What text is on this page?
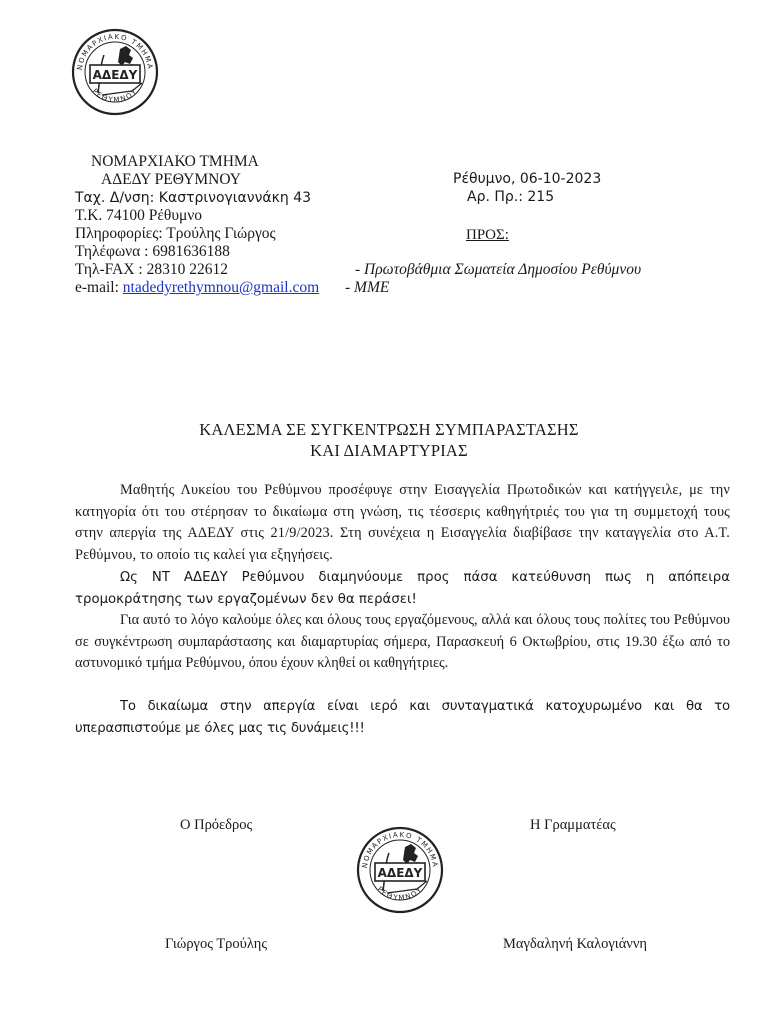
ΝΟΜΑΡΧΙΑΚΟ ΤΜΗΜΑ
ΡΕΘΥΜΝΟΥ
ΑΔΕΔΥ
ΝΟΜΑΡΧΙΑΚΟ ΤΜΗΜΑ
ΑΔΕΔΥ ΡΕΘΥΜΝΟΥ
Ταχ. Δ/νση: Καστρινογιαννάκη 43
Τ.Κ. 74100 Ρέθυμνο
Πληροφορίες: Τρούλης Γιώργος
Τηλέφωνα : 6981636188
Τηλ-FAX : 28310 22612
e-mail: ntadedyrethymnou@gmail.com
Ρέθυμνο, 06-10-2023
Αρ. Πρ.: 215
ΠΡΟΣ:
- Πρωτοβάθμια Σωματεία Δημοσίου Ρεθύμνου
- ΜΜΕ
ΚΑΛΕΣΜΑ ΣΕ ΣΥΓΚΕΝΤΡΩΣΗ ΣΥΜΠΑΡΑΣΤΑΣΗΣ
ΚΑΙ ΔΙΑΜΑΡΤΥΡΙΑΣ
Μαθητής Λυκείου του Ρεθύμνου προσέφυγε στην Εισαγγελία Πρωτοδικών και κατήγγειλε, με την κατηγορία ότι του στέρησαν το δικαίωμα στη γνώση, τις τέσσερις καθηγήτριές του για τη συμμετοχή τους στην απεργία της ΑΔΕΔΥ στις 21/9/2023. Στη συνέχεια η Εισαγγελία διαβίβασε την καταγγελία στο Α.Τ. Ρεθύμνου, το οποίο τις καλεί για εξηγήσεις.
Ως ΝΤ ΑΔΕΔΥ Ρεθύμνου διαμηνύουμε προς πάσα κατεύθυνση πως η απόπειρα τρομοκράτησης των εργαζομένων δεν θα περάσει!
Για αυτό το λόγο καλούμε όλες και όλους τους εργαζόμενους, αλλά και όλους τους πολίτες του Ρεθύμνου σε συγκέντρωση συμπαράστασης και διαμαρτυρίας σήμερα, Παρασκευή 6 Οκτωβρίου, στις 19.30 έξω από το αστυνομικό τμήμα Ρεθύμνου, όπου έχουν κληθεί οι καθηγήτριες.
Το δικαίωμα στην απεργία είναι ιερό και συνταγματικά κατοχυρωμένο και θα το υπερασπιστούμε με όλες μας τις δυνάμεις!!!
Ο Πρόεδρος	Η Γραμματέας
Γιώργος Τρούλης	Μαγδαληνή Καλογιάννη
ΝΟΜΑΡΧΙΑΚΟ ΤΜΗΜΑ
ΡΕΘΥΜΝΟΥ
ΑΔΕΔΥ
